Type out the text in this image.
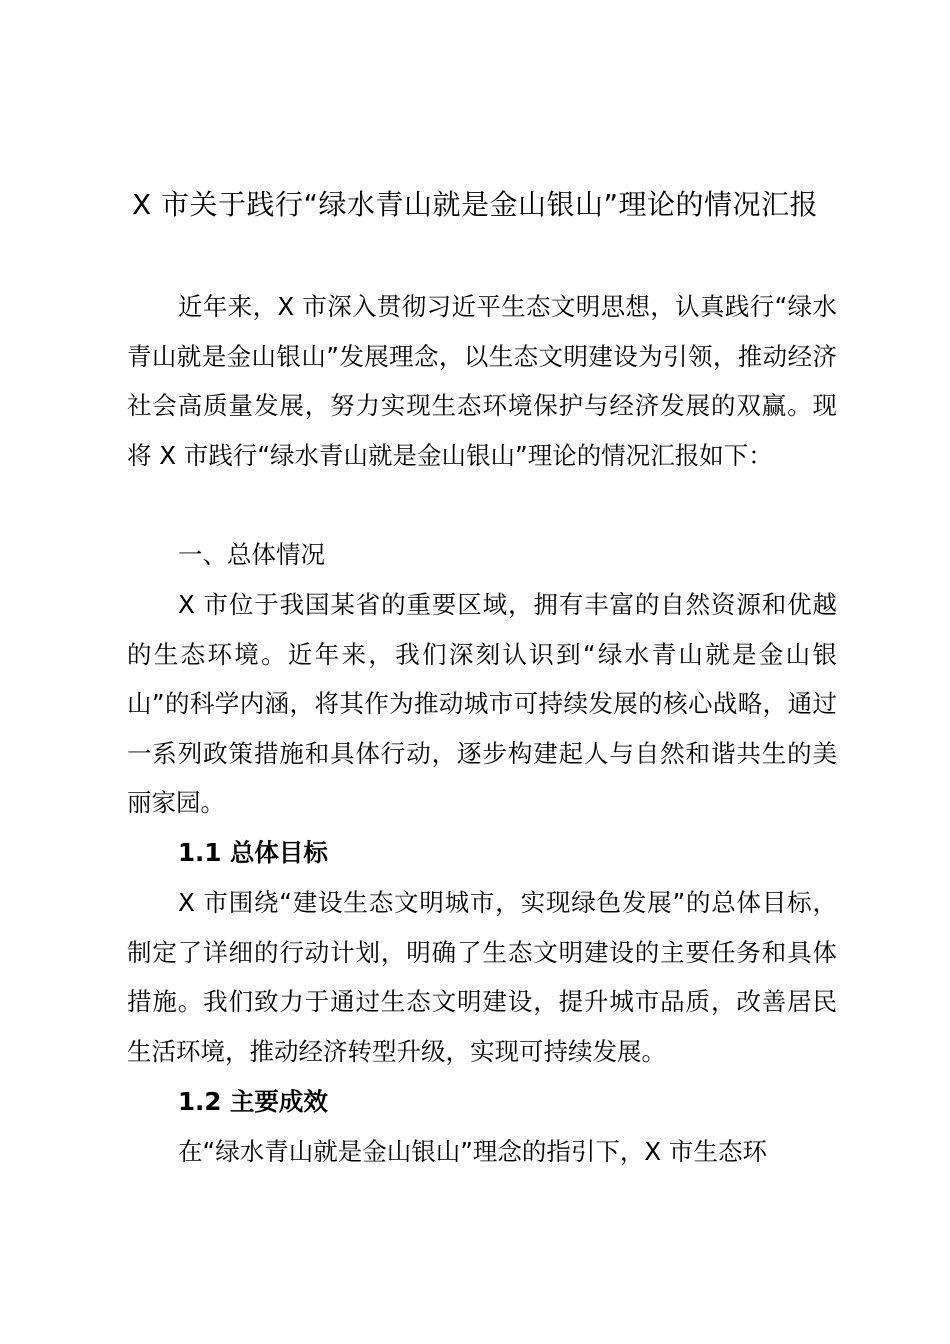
X 市关于践行“绿水青山就是金山银山”理论的情况汇报

近年来，X 市深入贯彻习近平生态文明思想，认真践行“绿水青山就是金山银山”发展理念，以生态文明建设为引领，推动经济社会高质量发展，努力实现生态环境保护与经济发展的双赢。现将 X 市践行“绿水青山就是金山银山”理论的情况汇报如下：

一、总体情况

X 市位于我国某省的重要区域，拥有丰富的自然资源和优越的生态环境。近年来，我们深刻认识到“绿水青山就是金山银山”的科学内涵，将其作为推动城市可持续发展的核心战略，通过一系列政策措施和具体行动，逐步构建起人与自然和谐共生的美丽家园。

1.1 总体目标

X 市围绕“建设生态文明城市，实现绿色发展”的总体目标，制定了详细的行动计划，明确了生态文明建设的主要任务和具体措施。我们致力于通过生态文明建设，提升城市品质，改善居民生活环境，推动经济转型升级，实现可持续发展。

1.2 主要成效

在“绿水青山就是金山银山”理念的指引下，X 市生态环
